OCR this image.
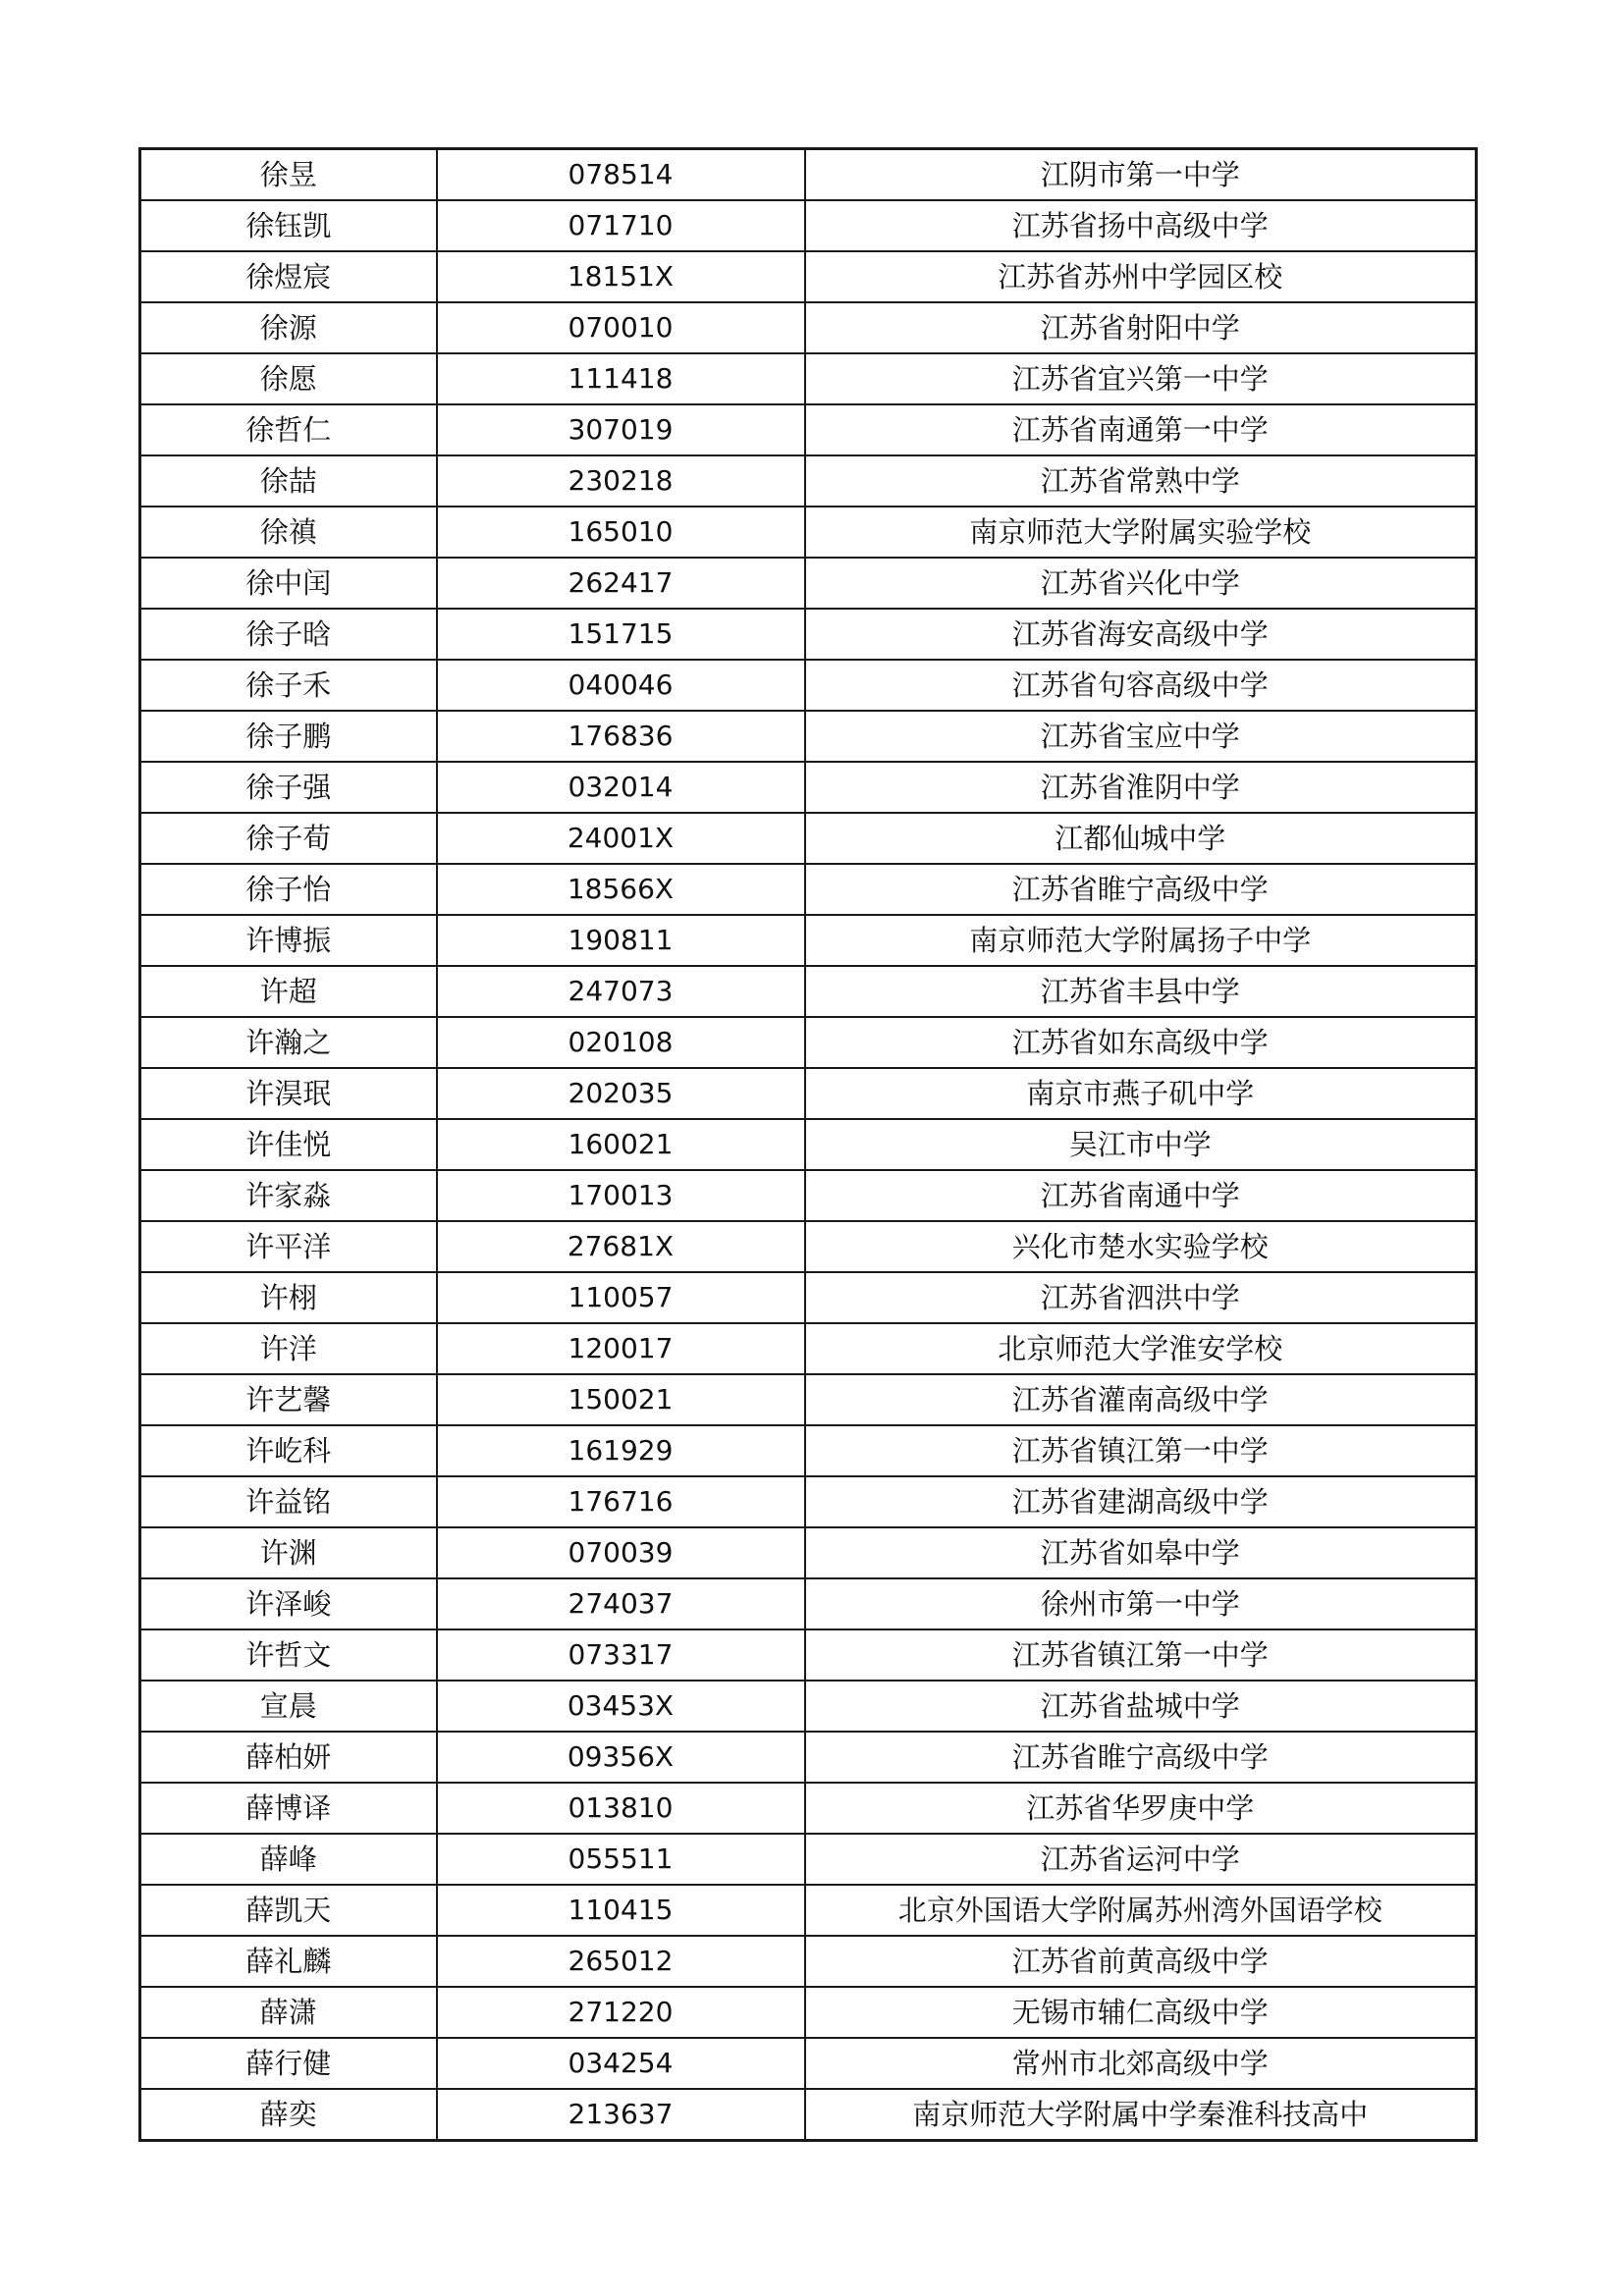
徐昱	078514	江阴市第一中学
徐钰凯	071710	江苏省扬中高级中学
徐煜宸	18151X	江苏省苏州中学园区校
徐源	070010	江苏省射阳中学
徐愿	111418	江苏省宜兴第一中学
徐哲仁	307019	江苏省南通第一中学
徐喆	230218	江苏省常熟中学
徐禛	165010	南京师范大学附属实验学校
徐中闰	262417	江苏省兴化中学
徐子晗	151715	江苏省海安高级中学
徐子禾	040046	江苏省句容高级中学
徐子鹏	176836	江苏省宝应中学
徐子强	032014	江苏省淮阴中学
徐子荀	24001X	江都仙城中学
徐子怡	18566X	江苏省睢宁高级中学
许博振	190811	南京师范大学附属扬子中学
许超	247073	江苏省丰县中学
许瀚之	020108	江苏省如东高级中学
许淏珉	202035	南京市燕子矶中学
许佳悦	160021	吴江市中学
许家淼	170013	江苏省南通中学
许平洋	27681X	兴化市楚水实验学校
许栩	110057	江苏省泗洪中学
许洋	120017	北京师范大学淮安学校
许艺馨	150021	江苏省灌南高级中学
许屹科	161929	江苏省镇江第一中学
许益铭	176716	江苏省建湖高级中学
许渊	070039	江苏省如皋中学
许泽峻	274037	徐州市第一中学
许哲文	073317	江苏省镇江第一中学
宣晨	03453X	江苏省盐城中学
薛柏妍	09356X	江苏省睢宁高级中学
薛博译	013810	江苏省华罗庚中学
薛峰	055511	江苏省运河中学
薛凯天	110415	北京外国语大学附属苏州湾外国语学校
薛礼麟	265012	江苏省前黄高级中学
薛潇	271220	无锡市辅仁高级中学
薛行健	034254	常州市北郊高级中学
薛奕	213637	南京师范大学附属中学秦淮科技高中
